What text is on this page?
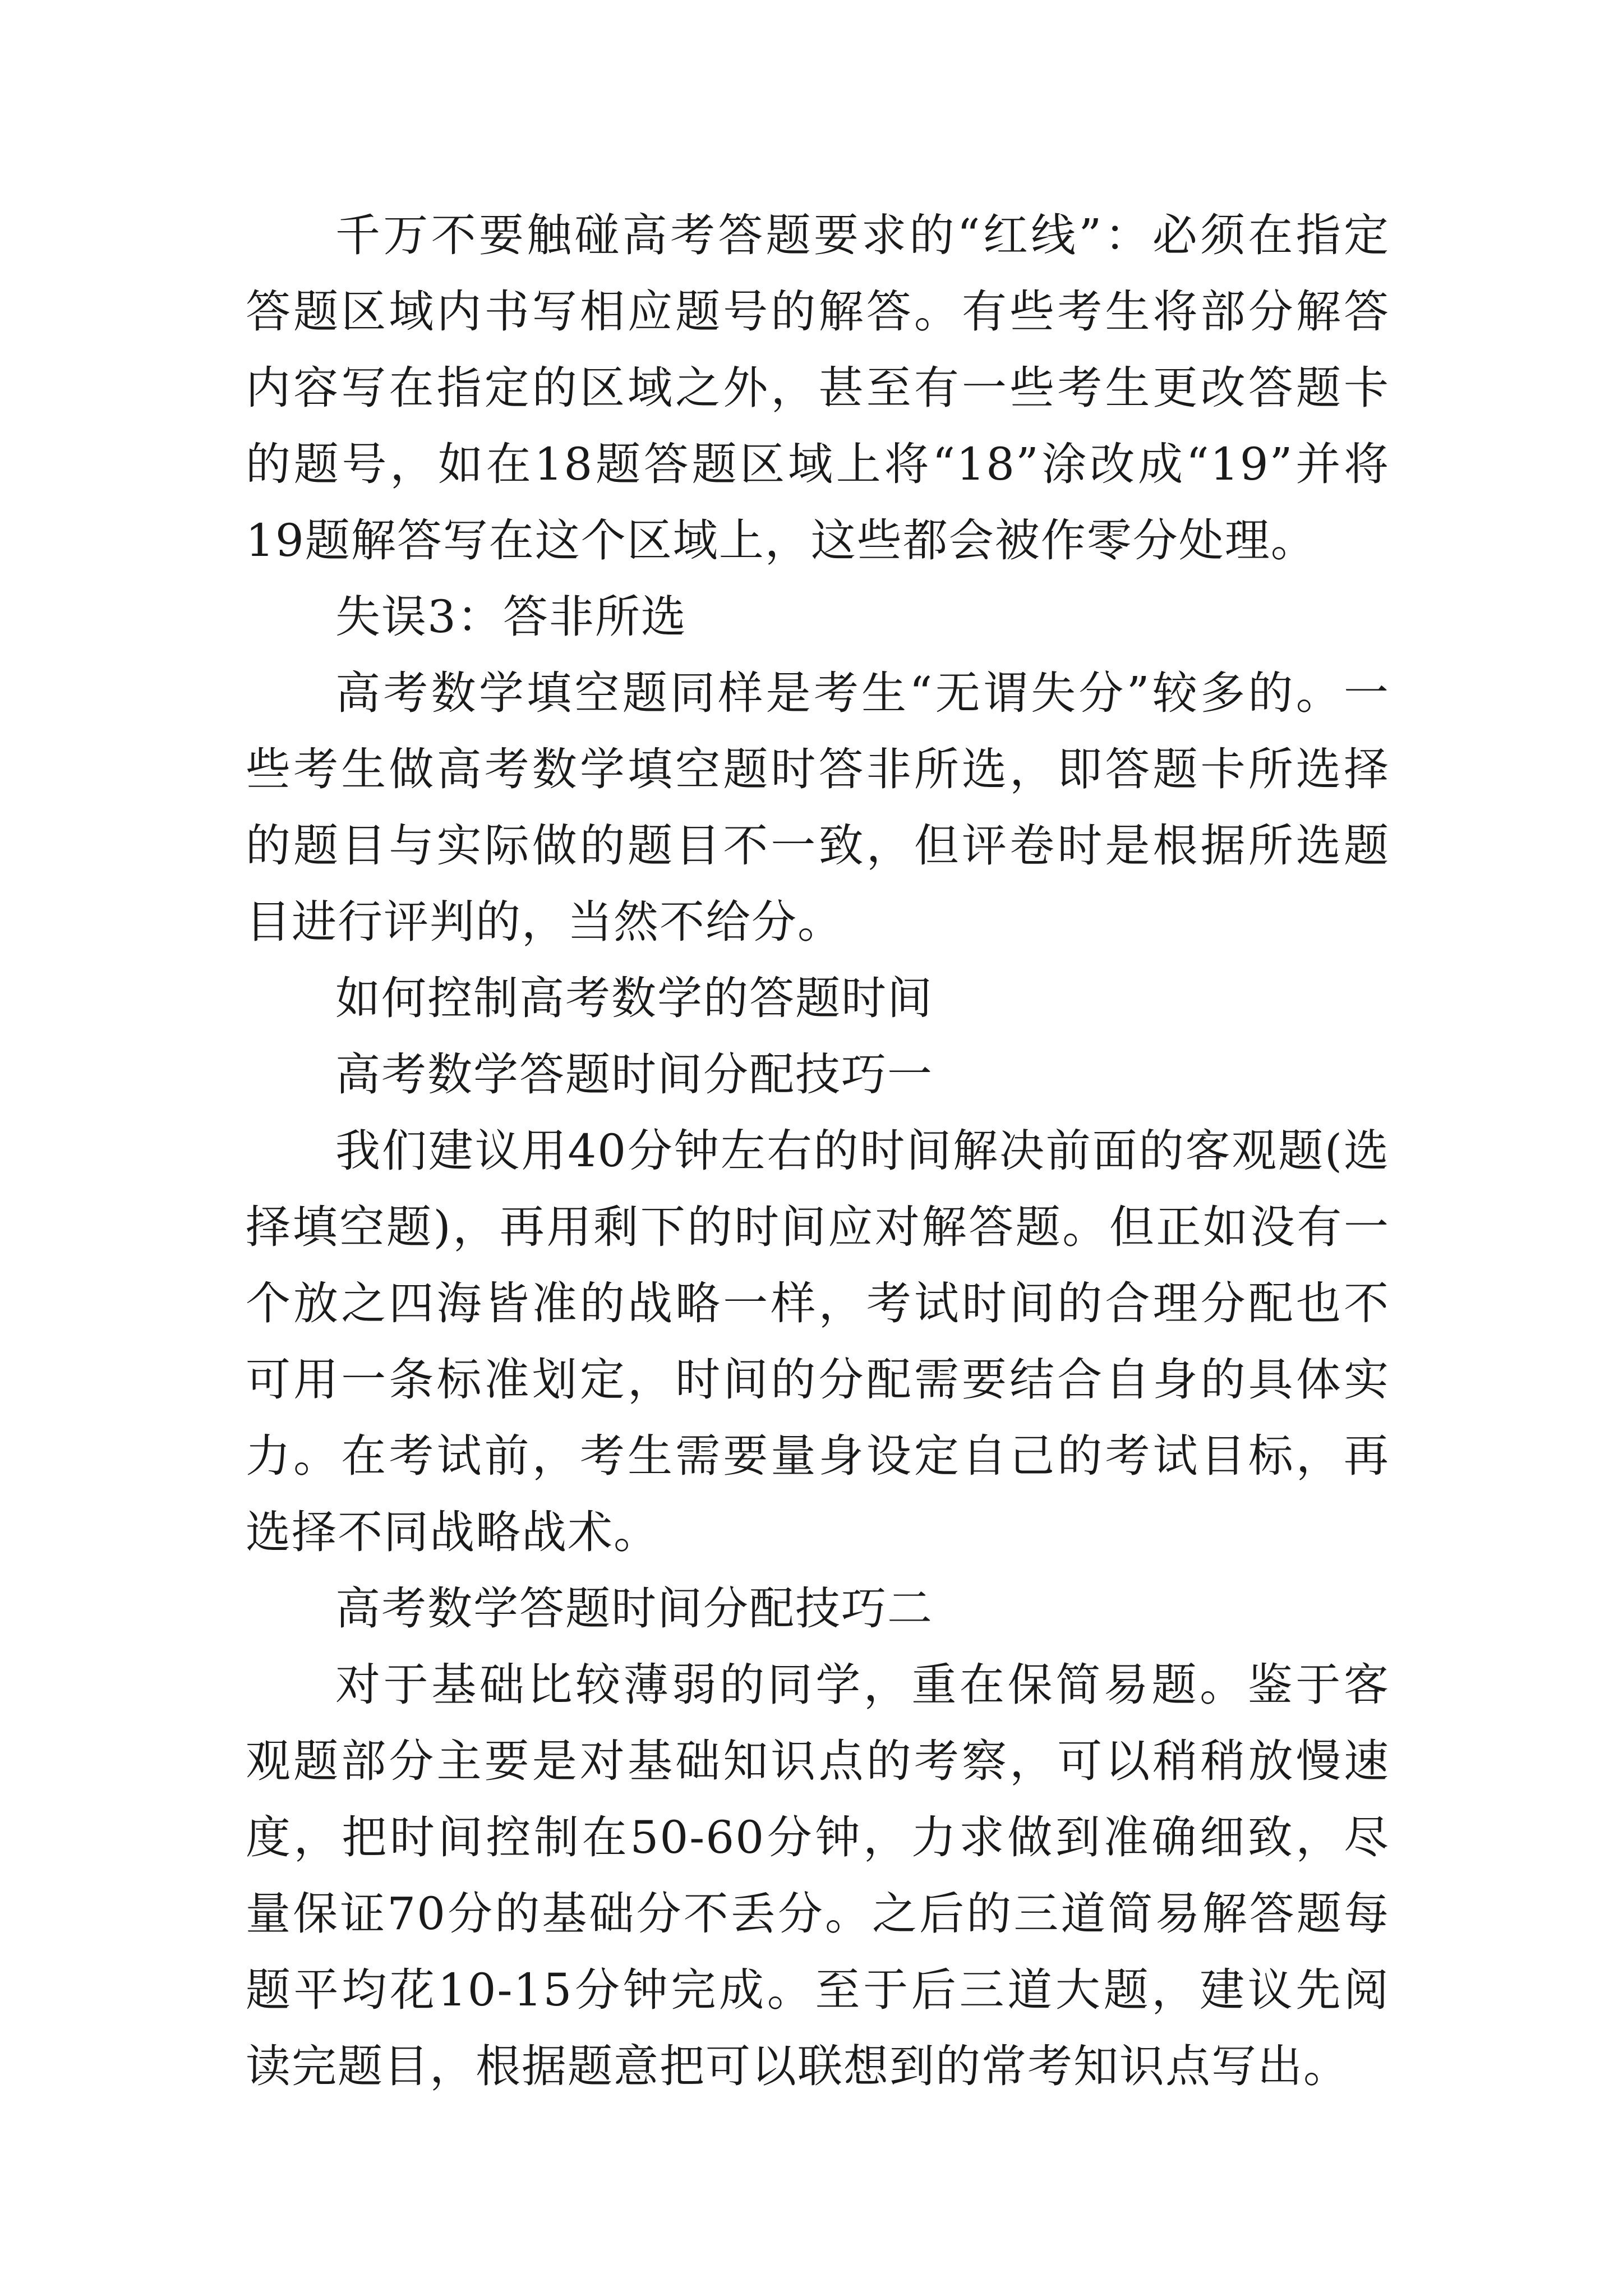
千万不要触碰高考答题要求的“红线”：必须在指定答题区域内书写相应题号的解答。有些考生将部分解答内容写在指定的区域之外，甚至有一些考生更改答题卡的题号，如在18题答题区域上将“18”涂改成“19”并将19题解答写在这个区域上，这些都会被作零分处理。

失误3：答非所选

高考数学填空题同样是考生“无谓失分”较多的。一些考生做高考数学填空题时答非所选，即答题卡所选择的题目与实际做的题目不一致，但评卷时是根据所选题目进行评判的，当然不给分。

如何控制高考数学的答题时间

高考数学答题时间分配技巧一

我们建议用40分钟左右的时间解决前面的客观题(选择填空题)，再用剩下的时间应对解答题。但正如没有一个放之四海皆准的战略一样，考试时间的合理分配也不可用一条标准划定，时间的分配需要结合自身的具体实力。在考试前，考生需要量身设定自己的考试目标，再选择不同战略战术。

高考数学答题时间分配技巧二

对于基础比较薄弱的同学，重在保简易题。鉴于客观题部分主要是对基础知识点的考察，可以稍稍放慢速度，把时间控制在50-60分钟，力求做到准确细致，尽量保证70分的基础分不丢分。之后的三道简易解答题每题平均花10-15分钟完成。至于后三道大题，建议先阅读完题目，根据题意把可以联想到的常考知识点写出。
